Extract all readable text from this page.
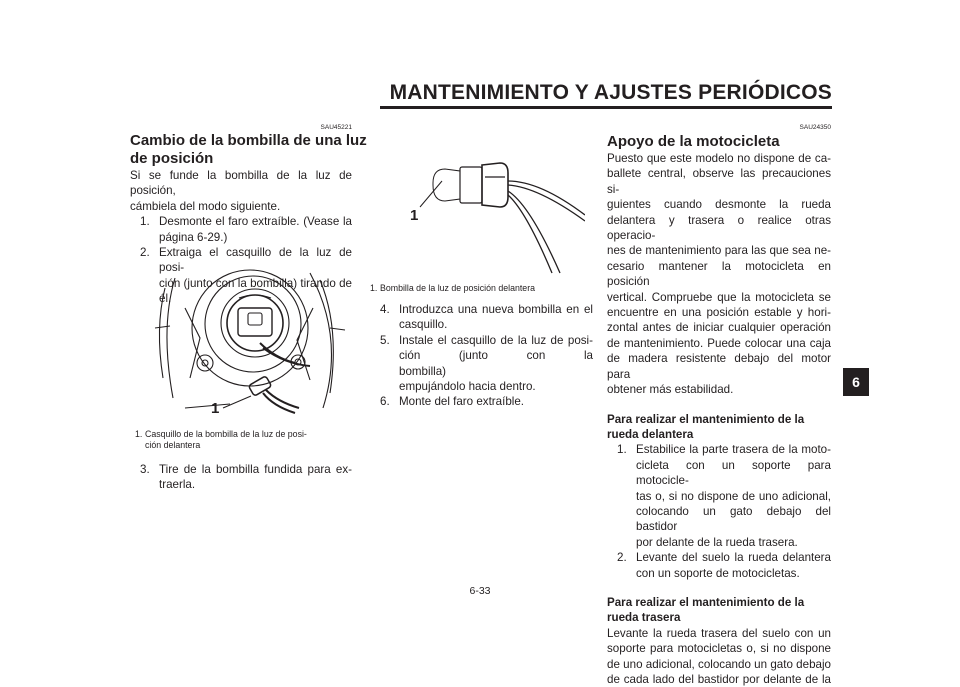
MANTENIMIENTO Y AJUSTES PERIÓDICOS
SAU45221
Cambio de la bombilla de una luz
de posición

Si se funde la bombilla de la luz de posición,

cámbiela del modo siguiente.

1. Desmonte el faro extraíble. (Vease la
página 6-29.)
2. Extraiga el casquillo de la luz de posi-
ción (junto con la bombilla) tirando de
él.
1
1. Casquillo de la bombilla de la luz de posi-
ción delantera
3. Tire de la bombilla fundida para ex-
traerla.
1
1. Bombilla de la luz de posición delantera
4. Introduzca una nueva bombilla en el
casquillo.
5. Instale el casquillo de la luz de posi-
ción (junto con la bombilla)
empujándolo hacia dentro.
6. Monte del faro extraíble.
SAU24350
Apoyo de la motocicleta

Puesto que este modelo no dispone de ca-

ballete central, observe las precauciones si-

guientes cuando desmonte la rueda

delantera y trasera o realice otras operacio-

nes de mantenimiento para las que sea ne-

cesario mantener la motocicleta en posición

vertical. Compruebe que la motocicleta se

encuentre en una posición estable y hori-

zontal antes de iniciar cualquier operación

de mantenimiento. Puede colocar una caja

de madera resistente debajo del motor para

obtener más estabilidad.

Para realizar el mantenimiento de la
rueda delantera
1. Estabilice la parte trasera de la moto-
cicleta con un soporte para motocicle-
tas o, si no dispone de uno adicional,
colocando un gato debajo del bastidor
por delante de la rueda trasera.
2. Levante del suelo la rueda delantera
con un soporte de motocicletas.
Para realizar el mantenimiento de la
rueda trasera

Levante la rueda trasera del suelo con un

soporte para motocicletas o, si no dispone

de uno adicional, colocando un gato debajo

de cada lado del bastidor por delante de la

6
6-33
